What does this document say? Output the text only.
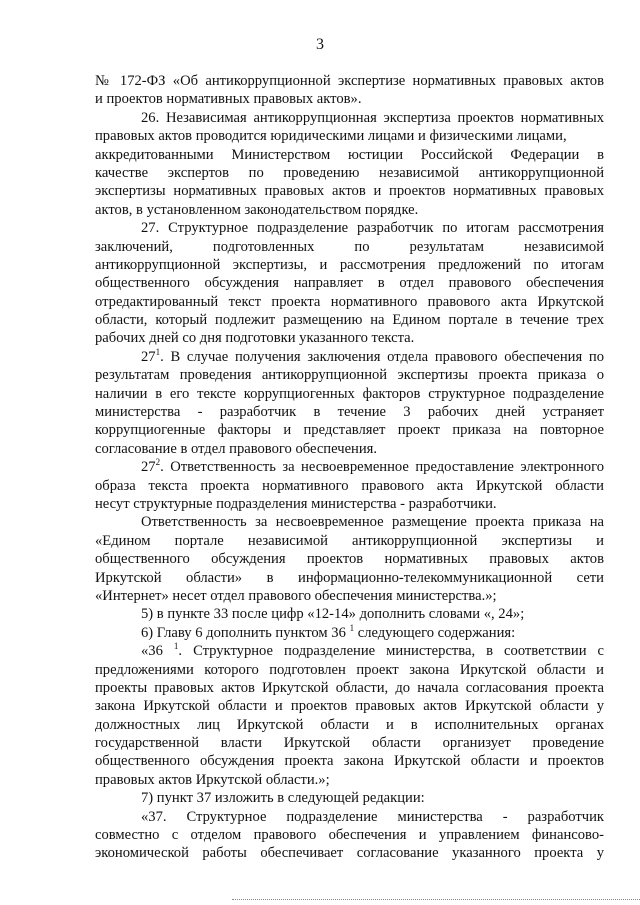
3
№ 172-ФЗ «Об антикоррупционной экспертизе нормативных правовых актов
и проектов нормативных правовых актов».
26. Независимая антикоррупционная экспертиза проектов нормативных
правовых актов проводится юридическими лицами и физическими лицами,
аккредитованными Министерством юстиции Российской Федерации в
качестве экспертов по проведению независимой антикоррупционной
экспертизы нормативных правовых актов и проектов нормативных правовых
актов, в установленном законодательством порядке.
27. Структурное подразделение разработчик по итогам рассмотрения
заключений, подготовленных по результатам независимой
антикоррупционной экспертизы, и рассмотрения предложений по итогам
общественного обсуждения направляет в отдел правового обеспечения
отредактированный текст проекта нормативного правового акта Иркутской
области, который подлежит размещению на Едином портале в течение трех
рабочих дней со дня подготовки указанного текста.
$27^1$. В случае получения заключения отдела правового обеспечения по
результатам проведения антикоррупционной экспертизы проекта приказа о
наличии в его тексте коррупциогенных факторов структурное подразделение
министерства - разработчик в течение 3 рабочих дней устраняет
коррупциогенные факторы и представляет проект приказа на повторное
согласование в отдел правового обеспечения.
$27^2$. Ответственность за несвоевременное предоставление электронного
образа текста проекта нормативного правового акта Иркутской области
несут структурные подразделения министерства - разработчики.
Ответственность за несвоевременное размещение проекта приказа на
«Едином портале независимой антикоррупционной экспертизы и
общественного обсуждения проектов нормативных правовых актов
Иркутской области» в информационно-телекоммуникационной сети
«Интернет» несет отдел правового обеспечения министерства.»;
5) в пункте 33 после цифр «12-14» дополнить словами «, 24»;
6) Главу 6 дополнить пунктом 36 $^1$ следующего содержания:
«36 $^1$. Структурное подразделение министерства, в соответствии с
предложениями которого подготовлен проект закона Иркутской области и
проекты правовых актов Иркутской области, до начала согласования проекта
закона Иркутской области и проектов правовых актов Иркутской области у
должностных лиц Иркутской области и в исполнительных органах
государственной власти Иркутской области организует проведение
общественного обсуждения проекта закона Иркутской области и проектов
правовых актов Иркутской области.»;
7) пункт 37 изложить в следующей редакции:
«37. Структурное подразделение министерства - разработчик
совместно с отделом правового обеспечения и управлением финансово-
экономической работы обеспечивает согласование указанного проекта у
